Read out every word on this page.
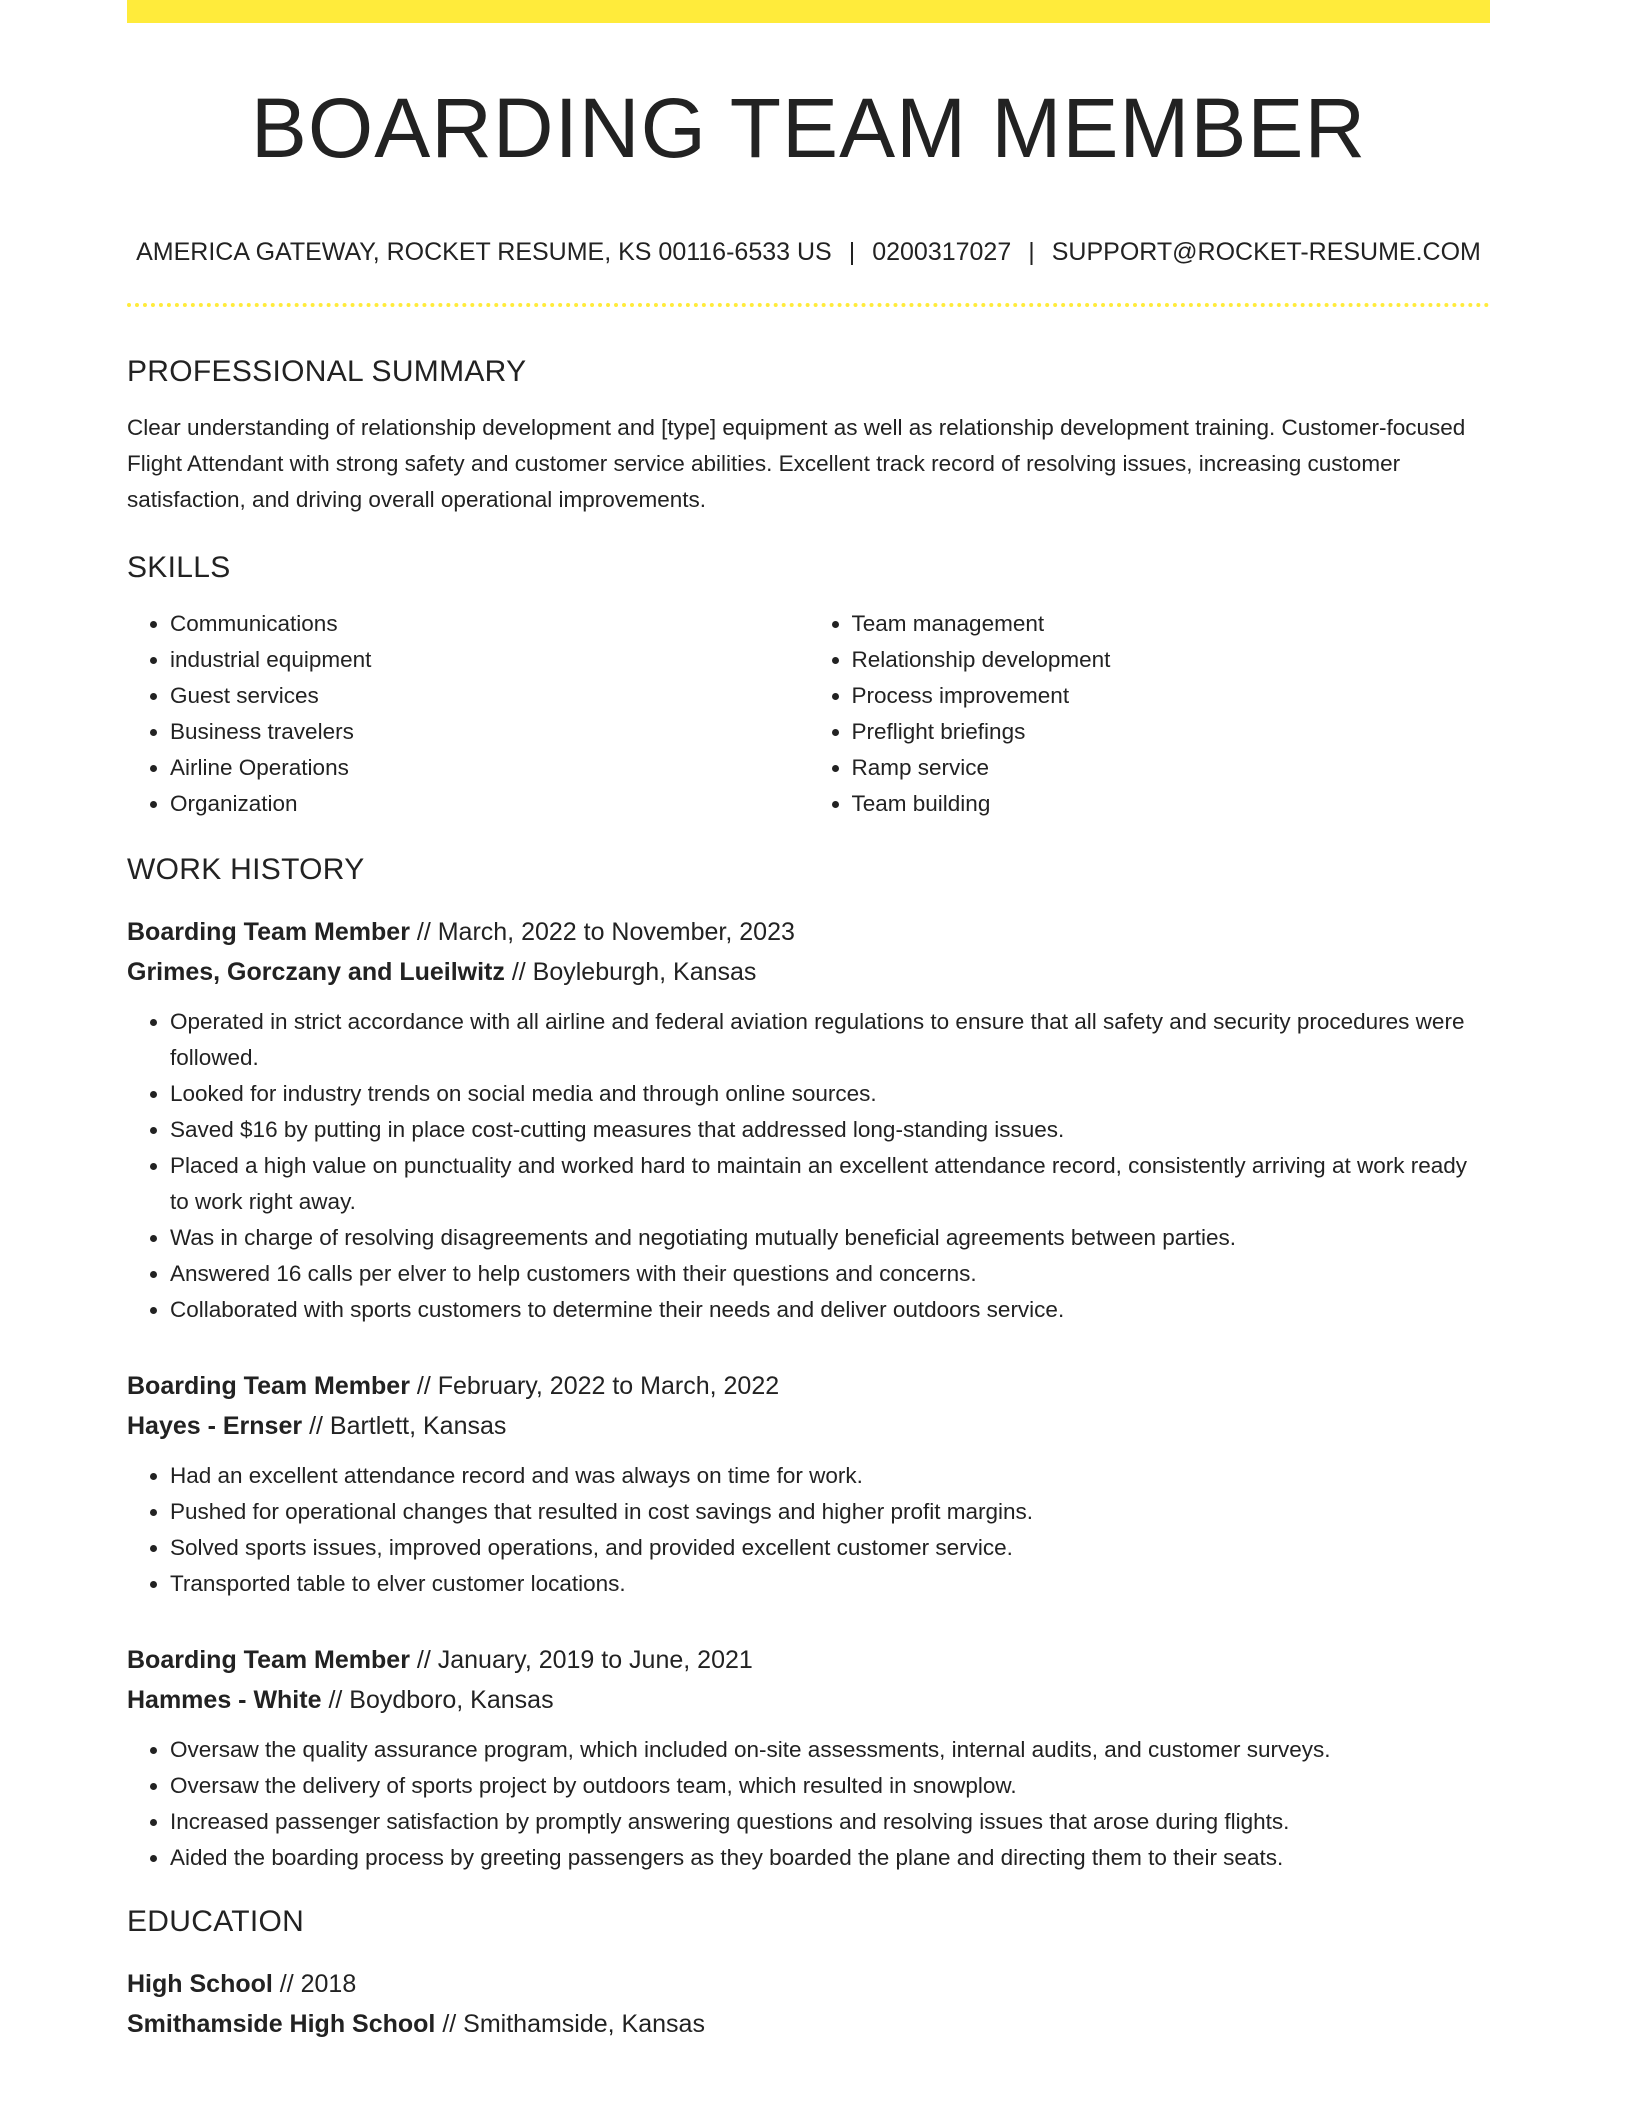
BOARDING TEAM MEMBER
AMERICA GATEWAY, ROCKET RESUME, KS 00116-6533 US | 0200317027 | SUPPORT@ROCKET-RESUME.COM
PROFESSIONAL SUMMARY

Clear understanding of relationship development and [type] equipment as well as relationship development training. Customer-focused Flight Attendant with strong safety and customer service abilities. Excellent track record of resolving issues, increasing customer satisfaction, and driving overall operational improvements.

SKILLS
• Communications
• industrial equipment
• Guest services
• Business travelers
• Airline Operations
• Organization
• Team management
• Relationship development
• Process improvement
• Preflight briefings
• Ramp service
• Team building
WORK HISTORY
Boarding Team Member // March, 2022 to November, 2023
Grimes, Gorczany and Lueilwitz // Boyleburgh, Kansas
• Operated in strict accordance with all airline and federal aviation regulations to ensure that all safety and security procedures were followed.
• Looked for industry trends on social media and through online sources.
• Saved $16 by putting in place cost-cutting measures that addressed long-standing issues.
• Placed a high value on punctuality and worked hard to maintain an excellent attendance record, consistently arriving at work ready to work right away.
• Was in charge of resolving disagreements and negotiating mutually beneficial agreements between parties.
• Answered 16 calls per elver to help customers with their questions and concerns.
• Collaborated with sports customers to determine their needs and deliver outdoors service.
Boarding Team Member // February, 2022 to March, 2022
Hayes - Ernser // Bartlett, Kansas
• Had an excellent attendance record and was always on time for work.
• Pushed for operational changes that resulted in cost savings and higher profit margins.
• Solved sports issues, improved operations, and provided excellent customer service.
• Transported table to elver customer locations.
Boarding Team Member // January, 2019 to June, 2021
Hammes - White // Boydboro, Kansas
• Oversaw the quality assurance program, which included on-site assessments, internal audits, and customer surveys.
• Oversaw the delivery of sports project by outdoors team, which resulted in snowplow.
• Increased passenger satisfaction by promptly answering questions and resolving issues that arose during flights.
• Aided the boarding process by greeting passengers as they boarded the plane and directing them to their seats.
EDUCATION
High School // 2018
Smithamside High School // Smithamside, Kansas
